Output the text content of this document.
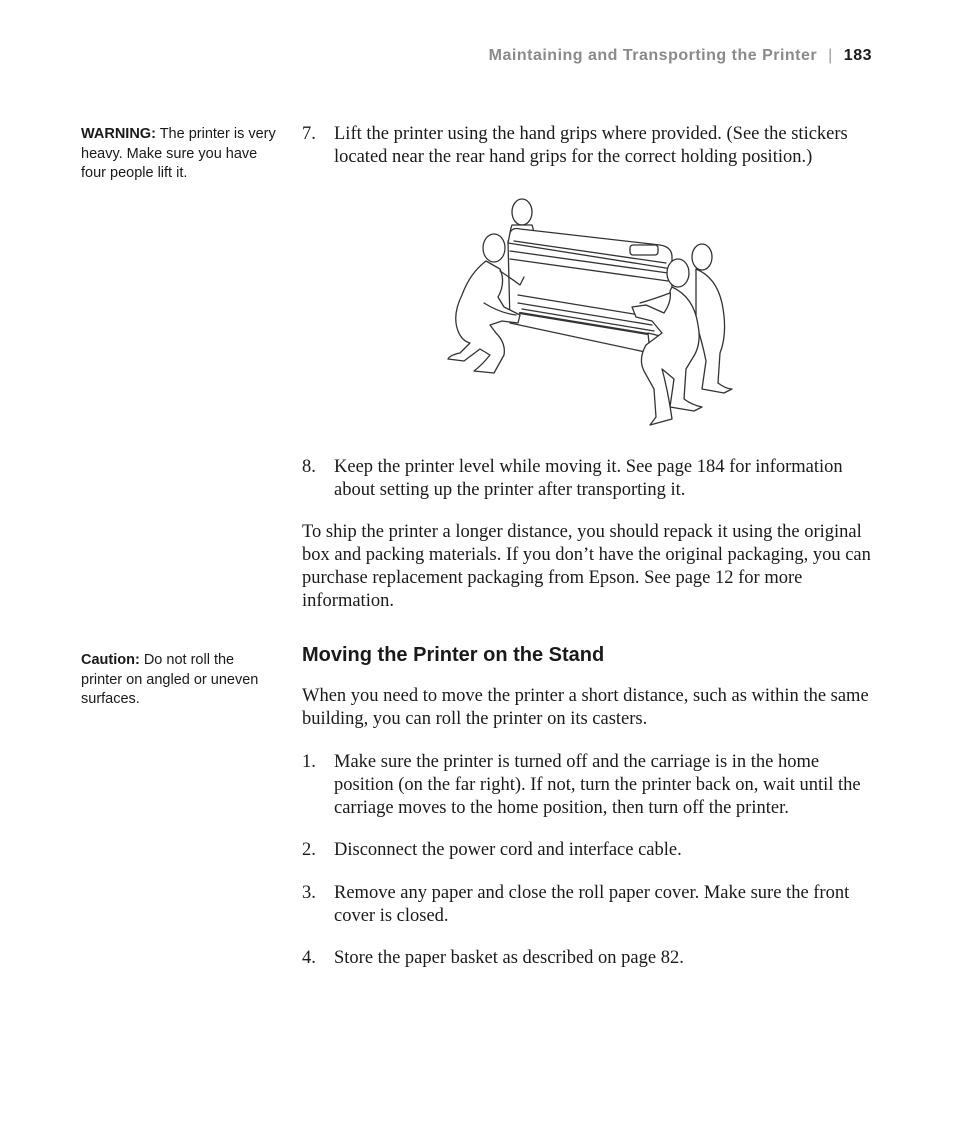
Maintaining and Transporting the Printer | 183
WARNING: The printer is very heavy. Make sure you have four people lift it.
Caution: Do not roll the printer on angled or uneven surfaces.
7. Lift the printer using the hand grips where provided. (See the stickers located near the rear hand grips for the correct holding position.)
8. Keep the printer level while moving it. See page 184 for information about setting up the printer after transporting it.
To ship the printer a longer distance, you should repack it using the original box and packing materials. If you don’t have the original packaging, you can purchase replacement packaging from Epson. See page 12 for more information.
Moving the Printer on the Stand
When you need to move the printer a short distance, such as within the same building, you can roll the printer on its casters.
1. Make sure the printer is turned off and the carriage is in the home position (on the far right). If not, turn the printer back on, wait until the carriage moves to the home position, then turn off the printer.
2. Disconnect the power cord and interface cable.
3. Remove any paper and close the roll paper cover. Make sure the front cover is closed.
4. Store the paper basket as described on page 82.
